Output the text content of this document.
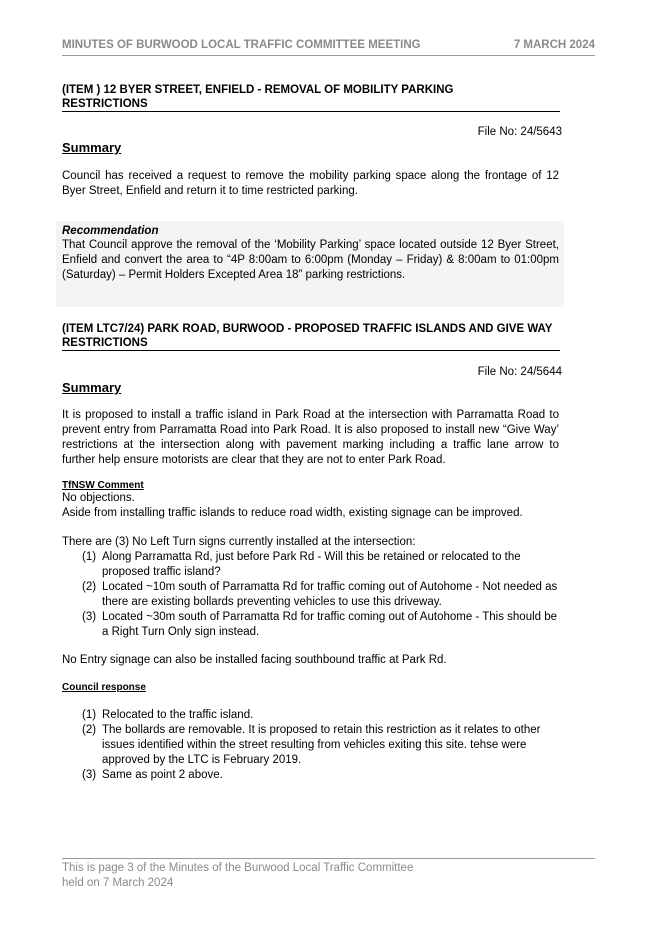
MINUTES OF BURWOOD LOCAL TRAFFIC COMMITTEE MEETING	7 MARCH 2024
(ITEM ) 12 BYER STREET, ENFIELD - REMOVAL OF MOBILITY PARKING RESTRICTIONS
File No: 24/5643
Summary
Council has received a request to remove the mobility parking space along the frontage of 12 Byer Street, Enfield and return it to time restricted parking.
Recommendation
That Council approve the removal of the ‘Mobility Parking’ space located outside 12 Byer Street, Enfield and convert the area to “4P 8:00am to 6:00pm (Monday – Friday) & 8:00am to 01:00pm (Saturday) – Permit Holders Excepted Area 18” parking restrictions.
(ITEM LTC7/24) PARK ROAD, BURWOOD - PROPOSED TRAFFIC ISLANDS AND GIVE WAY RESTRICTIONS
File No: 24/5644
Summary
It is proposed to install a traffic island in Park Road at the intersection with Parramatta Road to prevent entry from Parramatta Road into Park Road. It is also proposed to install new “Give Way’ restrictions at the intersection along with pavement marking including a traffic lane arrow to further help ensure motorists are clear that they are not to enter Park Road.
TfNSW Comment
No objections.
Aside from installing traffic islands to reduce road width, existing signage can be improved.
There are (3) No Left Turn signs currently installed at the intersection:
(1) Along Parramatta Rd, just before Park Rd - Will this be retained or relocated to the proposed traffic island?
(2) Located ~10m south of Parramatta Rd for traffic coming out of Autohome - Not needed as there are existing bollards preventing vehicles to use this driveway.
(3) Located ~30m south of Parramatta Rd for traffic coming out of Autohome - This should be a Right Turn Only sign instead.
No Entry signage can also be installed facing southbound traffic at Park Rd.
Council response
(1) Relocated to the traffic island.
(2) The bollards are removable. It is proposed to retain this restriction as it relates to other issues identified within the street resulting from vehicles exiting this site. tehse were approved by the LTC is February 2019.
(3) Same as point 2 above.
This is page 3 of the Minutes of the Burwood Local Traffic Committee
held on 7 March 2024
